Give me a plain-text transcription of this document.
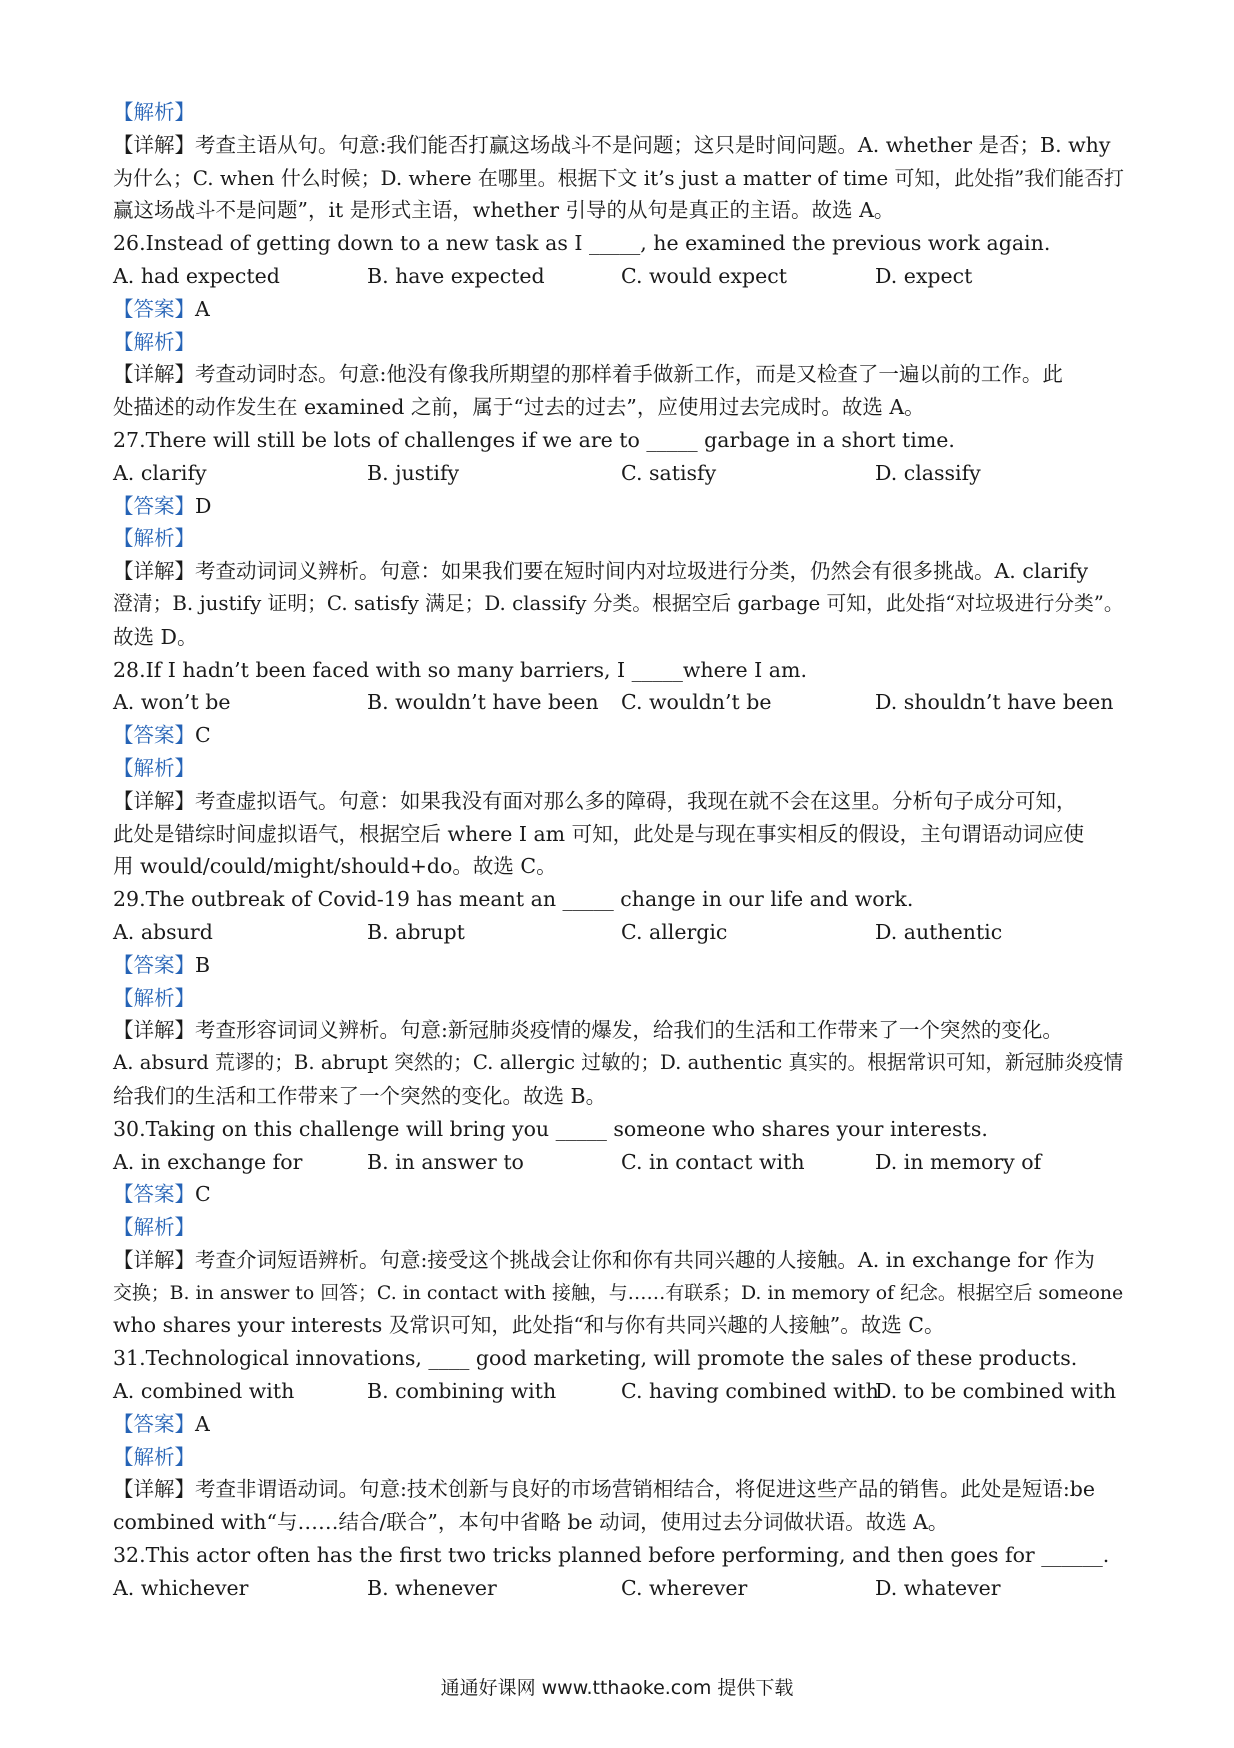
【解析】
【详解】考查主语从句。句意:我们能否打赢这场战斗不是问题；这只是时间问题。A. whether 是否；B. why
为什么；C. when 什么时候；D. where 在哪里。根据下文 it’s just a matter of time 可知，此处指”我们能否打
赢这场战斗不是问题”，it 是形式主语，whether 引导的从句是真正的主语。故选 A。
26.Instead of getting down to a new task as I _____, he examined the previous work again.
A. had expected	B. have expected	C. would expect	D. expect
【答案】A
【解析】
【详解】考查动词时态。句意:他没有像我所期望的那样着手做新工作，而是又检查了一遍以前的工作。此
处描述的动作发生在 examined 之前，属于“过去的过去”，应使用过去完成时。故选 A。
27.There will still be lots of challenges if we are to _____ garbage in a short time.
A. clarify	B. justify	C. satisfy	D. classify
【答案】D
【解析】
【详解】考查动词词义辨析。句意：如果我们要在短时间内对垃圾进行分类，仍然会有很多挑战。A. clarify
澄清；B. justify 证明；C. satisfy 满足；D. classify 分类。根据空后 garbage 可知，此处指“对垃圾进行分类”。
故选 D。
28.If I hadn’t been faced with so many barriers, I _____where I am.
A. won’t be	B. wouldn’t have been	C. wouldn’t be	D. shouldn’t have been
【答案】C
【解析】
【详解】考查虚拟语气。句意：如果我没有面对那么多的障碍，我现在就不会在这里。分析句子成分可知，
此处是错综时间虚拟语气，根据空后 where I am 可知，此处是与现在事实相反的假设，主句谓语动词应使
用 would/could/might/should+do。故选 C。
29.The outbreak of Covid-19 has meant an _____ change in our life and work.
A. absurd	B. abrupt	C. allergic	D. authentic
【答案】B
【解析】
【详解】考查形容词词义辨析。句意:新冠肺炎疫情的爆发，给我们的生活和工作带来了一个突然的变化。
A. absurd 荒谬的；B. abrupt 突然的；C. allergic 过敏的；D. authentic 真实的。根据常识可知，新冠肺炎疫情
给我们的生活和工作带来了一个突然的变化。故选 B。
30.Taking on this challenge will bring you _____ someone who shares your interests.
A. in exchange for	B. in answer to	C. in contact with	D. in memory of
【答案】C
【解析】
【详解】考查介词短语辨析。句意:接受这个挑战会让你和你有共同兴趣的人接触。A. in exchange for 作为
交换；B. in answer to 回答；C. in contact with 接触，与……有联系；D. in memory of 纪念。根据空后 someone
who shares your interests 及常识可知，此处指“和与你有共同兴趣的人接触”。故选 C。
31.Technological innovations, ____ good marketing, will promote the sales of these products.
A. combined with	B. combining with	C. having combined with
D. to be combined with
【答案】A
【解析】
【详解】考查非谓语动词。句意:技术创新与良好的市场营销相结合，将促进这些产品的销售。此处是短语:be
combined with“与……结合/联合”，本句中省略 be 动词，使用过去分词做状语。故选 A。
32.This actor often has the first two tricks planned before performing, and then goes for ______.
A. whichever	B. whenever	C. wherever	D. whatever
通通好课网 www.tthaoke.com 提供下载
